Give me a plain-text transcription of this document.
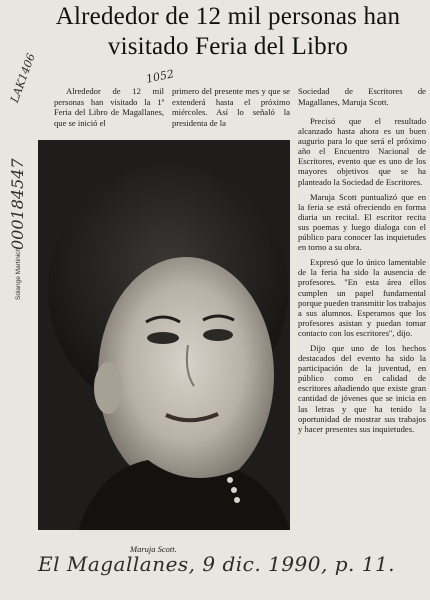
Alrededor de 12 mil personas han visitado Feria del Libro

Alrededor de 12 mil personas han visitado la 1ª Feria del Libro de Magallanes, que se inició el

primero del presente mes y que se extenderá hasta el próximo miércoles. Así lo señaló la presidenta de la

Sociedad de Escritores de Magallanes, Maruja Scott.

Precisó que el resultado alcanzado hasta ahora es un buen augurio para lo que será el próximo año el Encuentro Nacional de Escritores, evento que es uno de los mayores objetivos que se ha planteado la Sociedad de Escritores.

Maruja Scott puntualizó que en la feria se está ofreciendo en forma diaria un recital. El escritor recita sus poemas y luego dialoga con el público para conocer las inquietudes en torno a su obra.

Expresó que lo único lamentable de la feria ha sido la ausencia de profesores. "En esta área ellos cumplen un papel fundamental porque pueden transmitir los trabajos a sus alumnos. Esperamos que los profesores asistan y puedan tomar contacto con los escritores", dijo.

Dijo que uno de los hechos destacados del evento ha sido la participación de la juventud, en público como en calidad de escritores añadiendo que existe gran cantidad de jóvenes que se inicia en las letras y que ha tenido la oportunidad de mostrar sus trabajos y hacer presentes sus inquietudes.

Solange Martinich
Maruja Scott.
000184547
LAK1406	1052
El Magallanes, 9 dic. 1990, p. 11.
